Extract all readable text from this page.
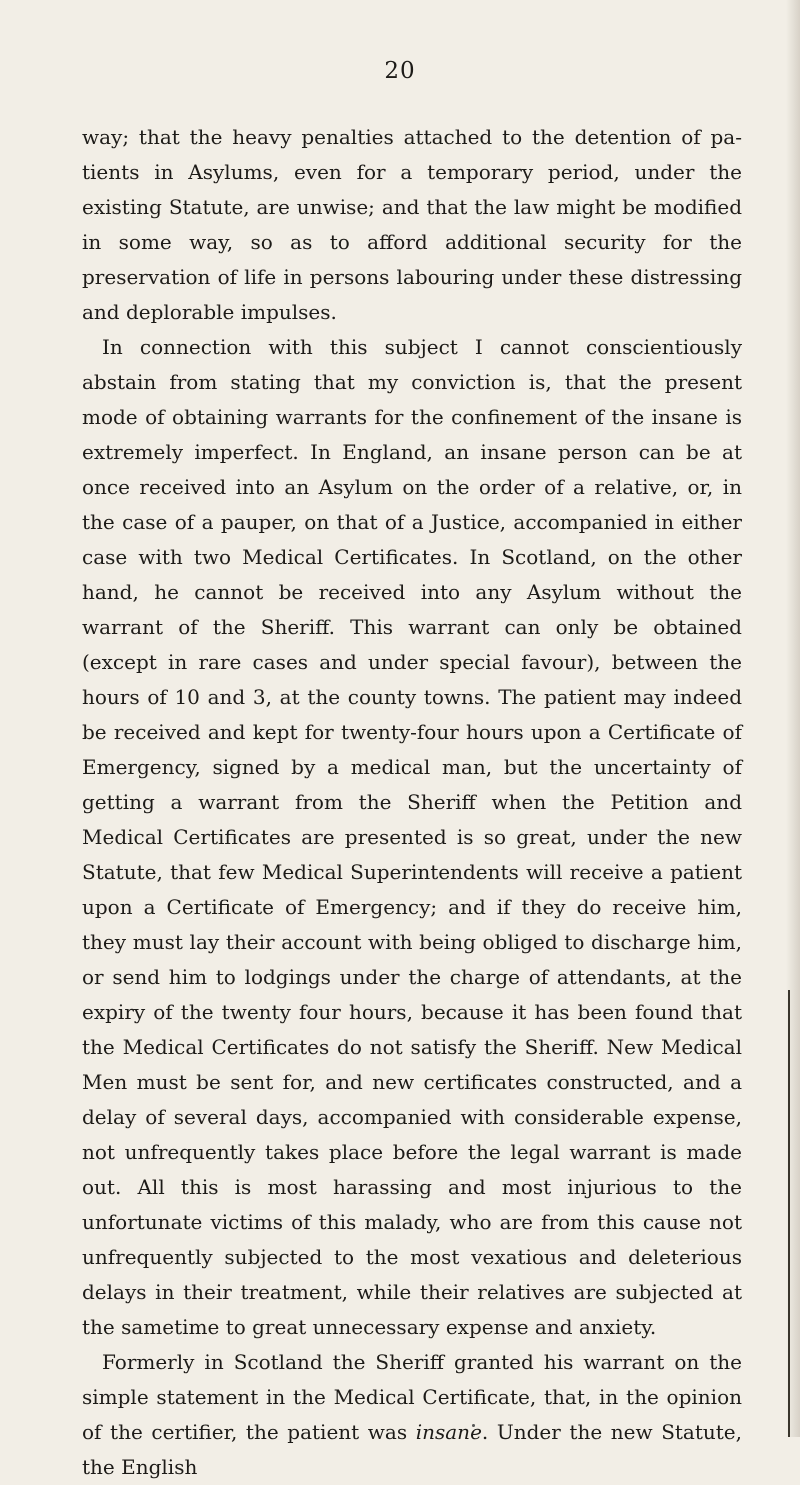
20

way; that the heavy penalties attached to the detention of patients in Asylums, even for a temporary period, under the existing Statute, are unwise; and that the law might be modified in some way, so as to afford additional security for the preservation of life in persons labouring under these distressing and deplorable impulses.

In connection with this subject I cannot conscientiously abstain from stating that my conviction is, that the present mode of obtaining warrants for the confinement of the insane is extremely imperfect. In England, an insane person can be at once received into an Asylum on the order of a relative, or, in the case of a pauper, on that of a Justice, accompanied in either case with two Medical Certificates. In Scotland, on the other hand, he cannot be received into any Asylum without the warrant of the Sheriff. This warrant can only be obtained (except in rare cases and under special favour), between the hours of 10 and 3, at the county towns. The patient may indeed be received and kept for twenty-four hours upon a Certificate of Emergency, signed by a medical man, but the uncertainty of getting a warrant from the Sheriff when the Petition and Medical Certificates are presented is so great, under the new Statute, that few Medical Superintendents will receive a patient upon a Certificate of Emergency; and if they do receive him, they must lay their account with being obliged to discharge him, or send him to lodgings under the charge of attendants, at the expiry of the twenty four hours, because it has been found that the Medical Certificates do not satisfy the Sheriff. New Medical Men must be sent for, and new certificates constructed, and a delay of several days, accompanied with considerable expense, not unfrequently takes place before the legal warrant is made out. All this is most harassing and most injurious to the unfortunate victims of this malady, who are from this cause not unfrequently subjected to the most vexatious and deleterious delays in their treatment, while their relatives are subjected at the sametime to great unnecessary expense and anxiety.

Formerly in Scotland the Sheriff granted his warrant on the simple statement in the Medical Certificate, that, in the opinion of the certifier, the patient was insane. Under the new Statute, the English
